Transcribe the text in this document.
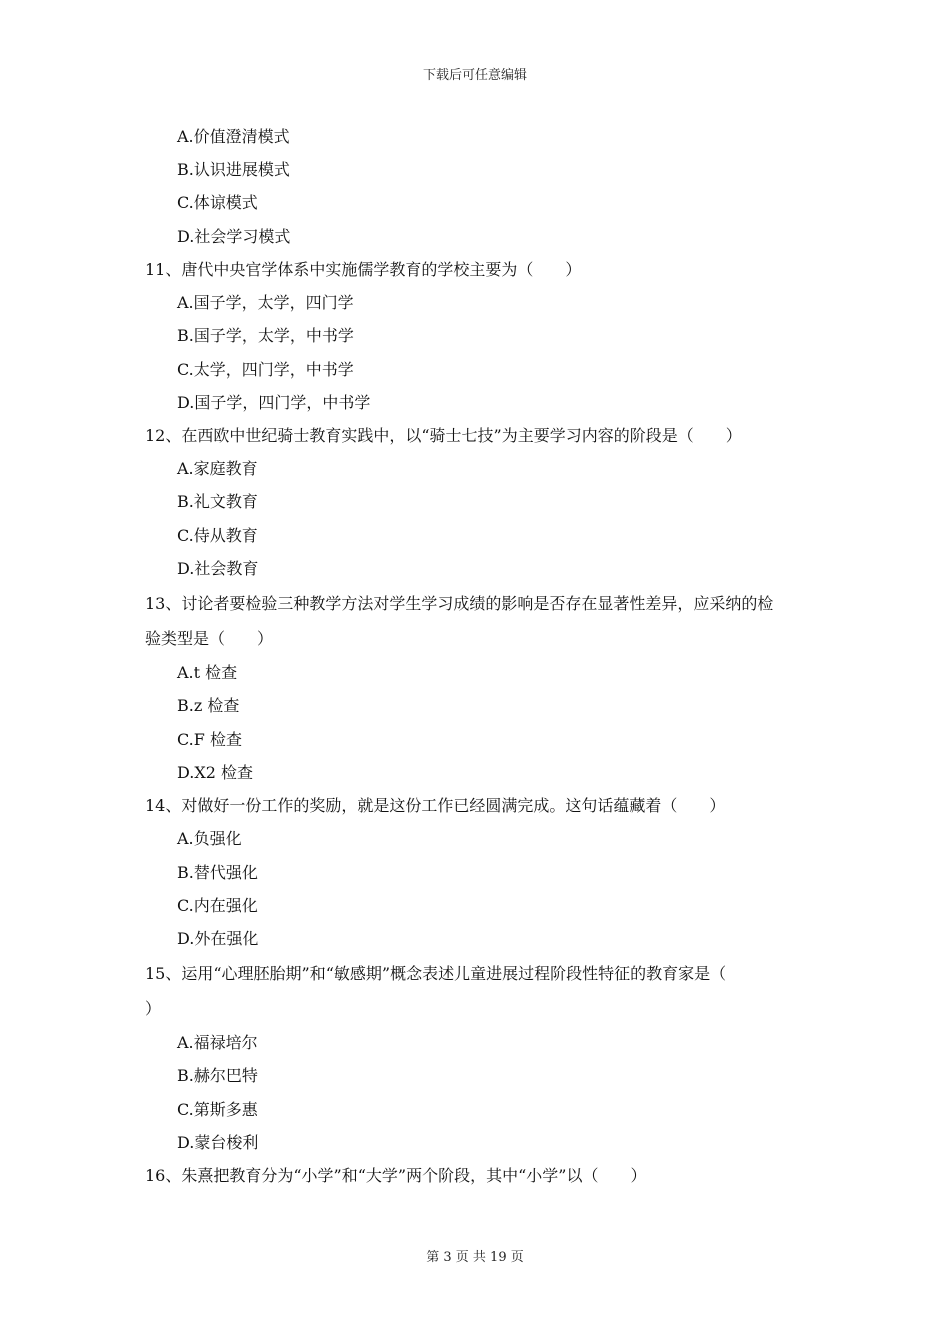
下载后可任意编辑
A.价值澄清模式
B.认识进展模式
C.体谅模式
D.社会学习模式
11、唐代中央官学体系中实施儒学教育的学校主要为（　　）
A.国子学，太学，四门学
B.国子学，太学，中书学
C.太学，四门学，中书学
D.国子学，四门学，中书学
12、在西欧中世纪骑士教育实践中，以“骑士七技”为主要学习内容的阶段是（　　）
A.家庭教育
B.礼文教育
C.侍从教育
D.社会教育
13、讨论者要检验三种教学方法对学生学习成绩的影响是否存在显著性差异，应采纳的检
验类型是（　　）
A.t 检查
B.z 检查
C.F 检查
D.X2 检查
14、对做好一份工作的奖励，就是这份工作已经圆满完成。这句话蕴藏着（　　）
A.负强化
B.替代强化
C.内在强化
D.外在强化
15、运用“心理胚胎期”和“敏感期”概念表述儿童进展过程阶段性特征的教育家是（
）
A.福禄培尔
B.赫尔巴特
C.第斯多惠
D.蒙台梭利
16、朱熹把教育分为“小学”和“大学”两个阶段，其中“小学”以（　　）
第 3 页 共 19 页
